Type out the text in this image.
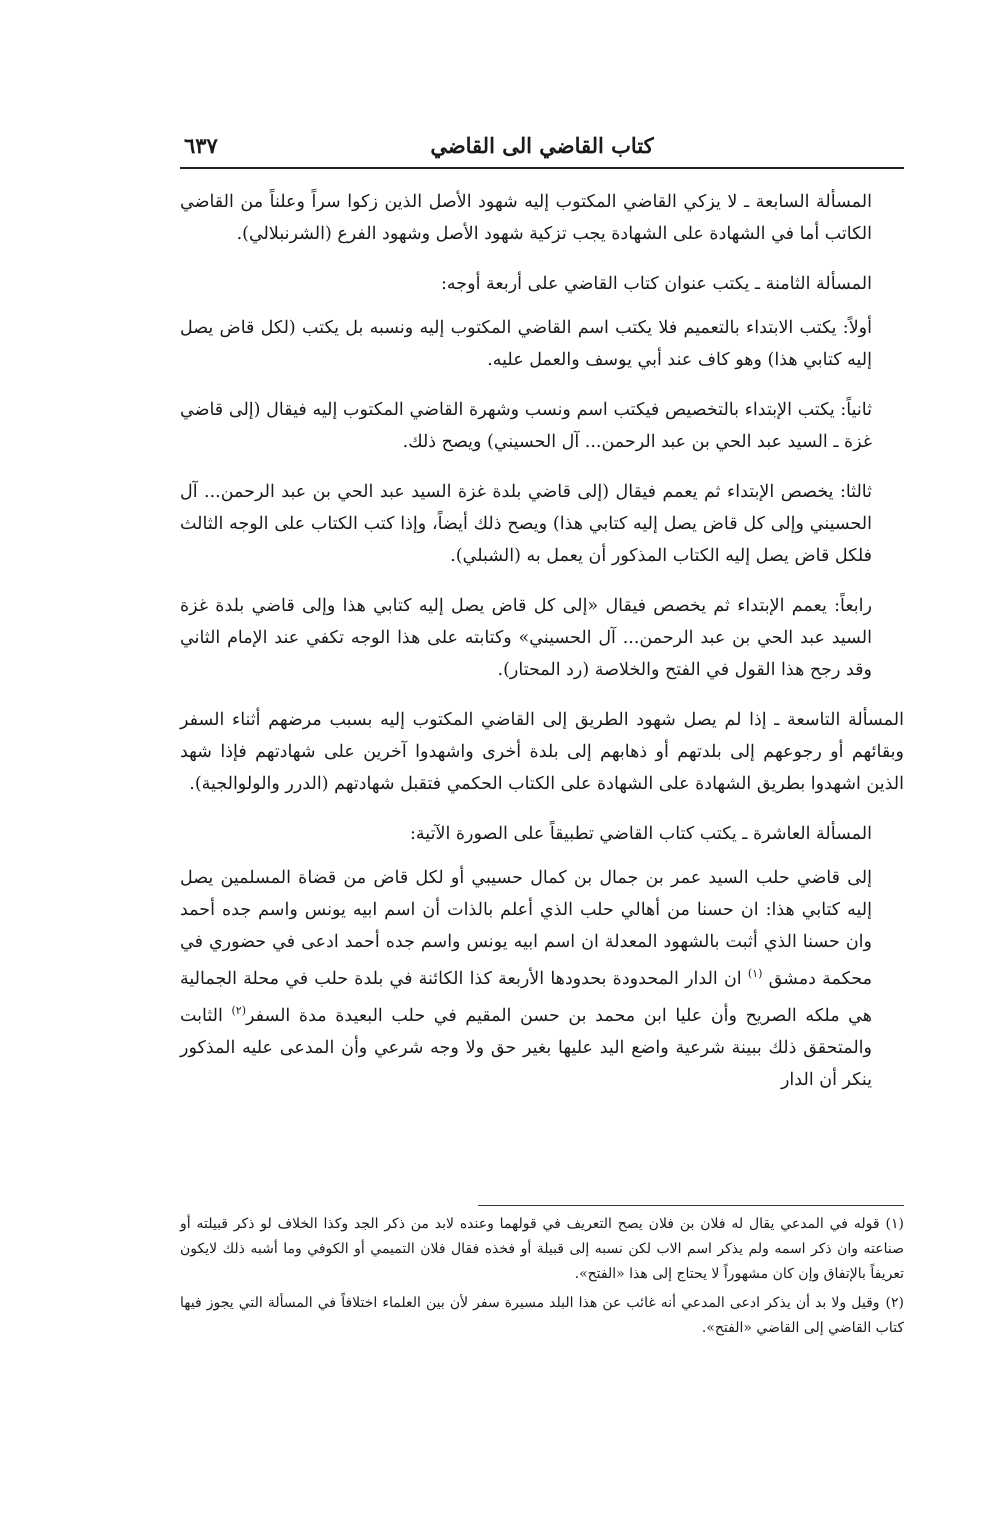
كتاب القاضي الى القاضي
٦٣٧

المسألة السابعة ـ لا يزكي القاضي المكتوب إليه شهود الأصل الذين زكوا سراً وعلناً من القاضي الكاتب أما في الشهادة على الشهادة يجب تزكية شهود الأصل وشهود الفرع (الشرنبلالي).

المسألة الثامنة ـ يكتب عنوان كتاب القاضي على أربعة أوجه:

أولاً: يكتب الابتداء بالتعميم فلا يكتب اسم القاضي المكتوب إليه ونسبه بل يكتب (لكل قاض يصل إليه كتابي هذا) وهو كاف عند أبي يوسف والعمل عليه.

ثانياً: يكتب الإبتداء بالتخصيص فيكتب اسم ونسب وشهرة القاضي المكتوب إليه فيقال (إلى قاضي غزة ـ السيد عبد الحي بن عبد الرحمن... آل الحسيني) ويصح ذلك.

ثالثا: يخصص الإبتداء ثم يعمم فيقال (إلى قاضي بلدة غزة السيد عبد الحي بن عبد الرحمن... آل الحسيني وإلى كل قاض يصل إليه كتابي هذا) ويصح ذلك أيضاً، وإذا كتب الكتاب على الوجه الثالث فلكل قاض يصل إليه الكتاب المذكور أن يعمل به (الشبلي).

رابعاً: يعمم الإبتداء ثم يخصص فيقال «إلى كل قاض يصل إليه كتابي هذا وإلى قاضي بلدة غزة السيد عبد الحي بن عبد الرحمن... آل الحسيني» وكتابته على هذا الوجه تكفي عند الإمام الثاني وقد رجح هذا القول في الفتح والخلاصة (رد المحتار).

المسألة التاسعة ـ إذا لم يصل شهود الطريق إلى القاضي المكتوب إليه بسبب مرضهم أثناء السفر وبقائهم أو رجوعهم إلى بلدتهم أو ذهابهم إلى بلدة أخرى واشهدوا آخرين على شهادتهم فإذا شهد الذين اشهدوا بطريق الشهادة على الشهادة على الكتاب الحكمي فتقبل شهادتهم (الدرر والولوالجية).

المسألة العاشرة ـ يكتب كتاب القاضي تطبيقاً على الصورة الآتية:

إلى قاضي حلب السيد عمر بن جمال بن كمال حسيبي أو لكل قاض من قضاة المسلمين يصل إليه كتابي هذا: ان حسنا من أهالي حلب الذي أعلم بالذات أن اسم ابيه يونس واسم جده أحمد وان حسنا الذي أثبت بالشهود المعدلة ان اسم ابيه يونس واسم جده أحمد ادعى في حضوري في محكمة دمشق $^{(١)}$ ان الدار المحدودة بحدودها الأربعة كذا الكائنة في بلدة حلب في محلة الجمالية هي ملكه الصريح وأن عليا ابن محمد بن حسن المقيم في حلب البعيدة مدة السفر$^{(٢)}$ الثابت والمتحقق ذلك ببينة شرعية واضع اليد عليها بغير حق ولا وجه شرعي وأن المدعى عليه المذكور ينكر أن الدار

(١)قوله في المدعي يقال له فلان بن فلان يصح التعريف في قولهما وعنده لابد من ذكر الجد وكذا الخلاف لو ذكر قبيلته أو صناعته وان ذكر اسمه ولم يذكر اسم الاب لكن نسبه إلى قبيلة أو فخذه فقال فلان التميمي أو الكوفي وما أشبه ذلك لايكون تعريفاً بالإتفاق وإن كان مشهوراً لا يحتاج إلى هذا «الفتح».

(٢)وقيل ولا بد أن يذكر ادعى المدعي أنه غائب عن هذا البلد مسيرة سفر لأن بين العلماء اختلافاً في المسألة التي يجوز فيها كتاب القاضي إلى القاضي «الفتح».
